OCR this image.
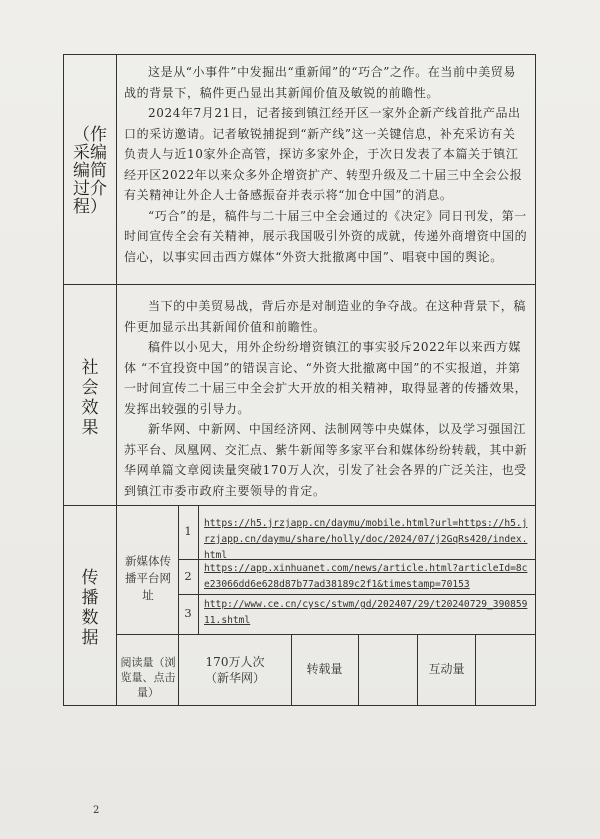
（作
采编
编简
过介
程）

这是从“小事件”中发掘出“重新闻”的“巧合”之作。在当前中美贸易战的背景下，稿件更凸显出其新闻价值及敏锐的前瞻性。

2024年7月21日，记者接到镇江经开区一家外企新产线首批产品出口的采访邀请。记者敏锐捕捉到“新产线”这一关键信息，补充采访有关负责人与近10家外企高管，探访多家外企，于次日发表了本篇关于镇江经开区2022年以来众多外企增资扩产、转型升级及二十届三中全会公报有关精神让外企人士备感振奋并表示将“加仓中国”的消息。

“巧合”的是，稿件与二十届三中全会通过的《决定》同日刊发，第一时间宣传全会有关精神，展示我国吸引外资的成就，传递外商增资中国的信心，以事实回击西方媒体“外资大批撤离中国”、唱衰中国的舆论。

社
会
效
果

当下的中美贸易战，背后亦是对制造业的争夺战。在这种背景下，稿件更加显示出其新闻价值和前瞻性。

稿件以小见大，用外企纷纷增资镇江的事实驳斥2022年以来西方媒体 “不宜投资中国”的错误言论、“外资大批撤离中国”的不实报道，并第一时间宣传二十届三中全会扩大开放的相关精神，取得显著的传播效果，发挥出较强的引导力。

新华网、中新网、中国经济网、法制网等中央媒体，以及学习强国江苏平台、凤凰网、交汇点、紫牛新闻等多家平台和媒体纷纷转载，其中新华网单篇文章阅读量突破170万人次，引发了社会各界的广泛关注，也受到镇江市委市政府主要领导的肯定。

传
播
数
据
新媒体传播平台网址
1
https://h5.jrzjapp.cn/daymu/mobile.html?url=https://h5.jrzjapp.cn/daymu/share/holly/doc/2024/07/j2GqRs420/index.html
2
https://app.xinhuanet.com/news/article.html?articleId=8ce23066dd6e628d87b77ad38189c2f1&timestamp=70153
3
http://www.ce.cn/cysc/stwm/gd/202407/29/t20240729_39085911.shtml
阅读量（浏览量、点击量）
170万人次（新华网）
转载量	互动量
2
